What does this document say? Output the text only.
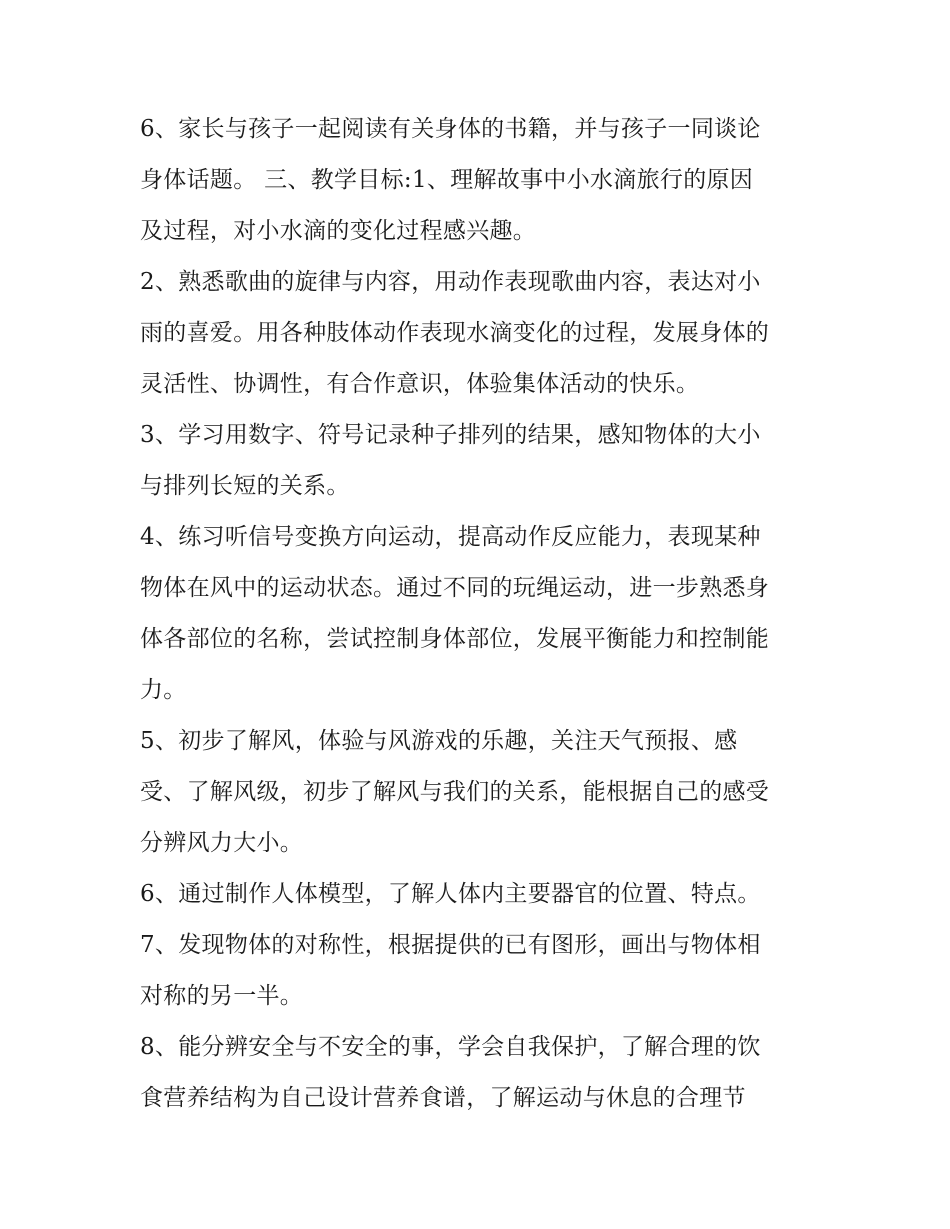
6、家长与孩子一起阅读有关身体的书籍，并与孩子一同谈论
身体话题。 三、教学目标:1、理解故事中小水滴旅行的原因
及过程，对小水滴的变化过程感兴趣。

2、熟悉歌曲的旋律与内容，用动作表现歌曲内容，表达对小
雨的喜爱。用各种肢体动作表现水滴变化的过程，发展身体的
灵活性、协调性，有合作意识，体验集体活动的快乐。

3、学习用数字、符号记录种子排列的结果，感知物体的大小
与排列长短的关系。

4、练习听信号变换方向运动，提高动作反应能力，表现某种
物体在风中的运动状态。通过不同的玩绳运动，进一步熟悉身
体各部位的名称，尝试控制身体部位，发展平衡能力和控制能
力。

5、初步了解风，体验与风游戏的乐趣，关注天气预报、感
受、了解风级，初步了解风与我们的关系，能根据自己的感受
分辨风力大小。

6、通过制作人体模型，了解人体内主要器官的位置、特点。

7、发现物体的对称性，根据提供的已有图形，画出与物体相
对称的另一半。

8、能分辨安全与不安全的事，学会自我保护，了解合理的饮
食营养结构为自己设计营养食谱，了解运动与休息的合理节
